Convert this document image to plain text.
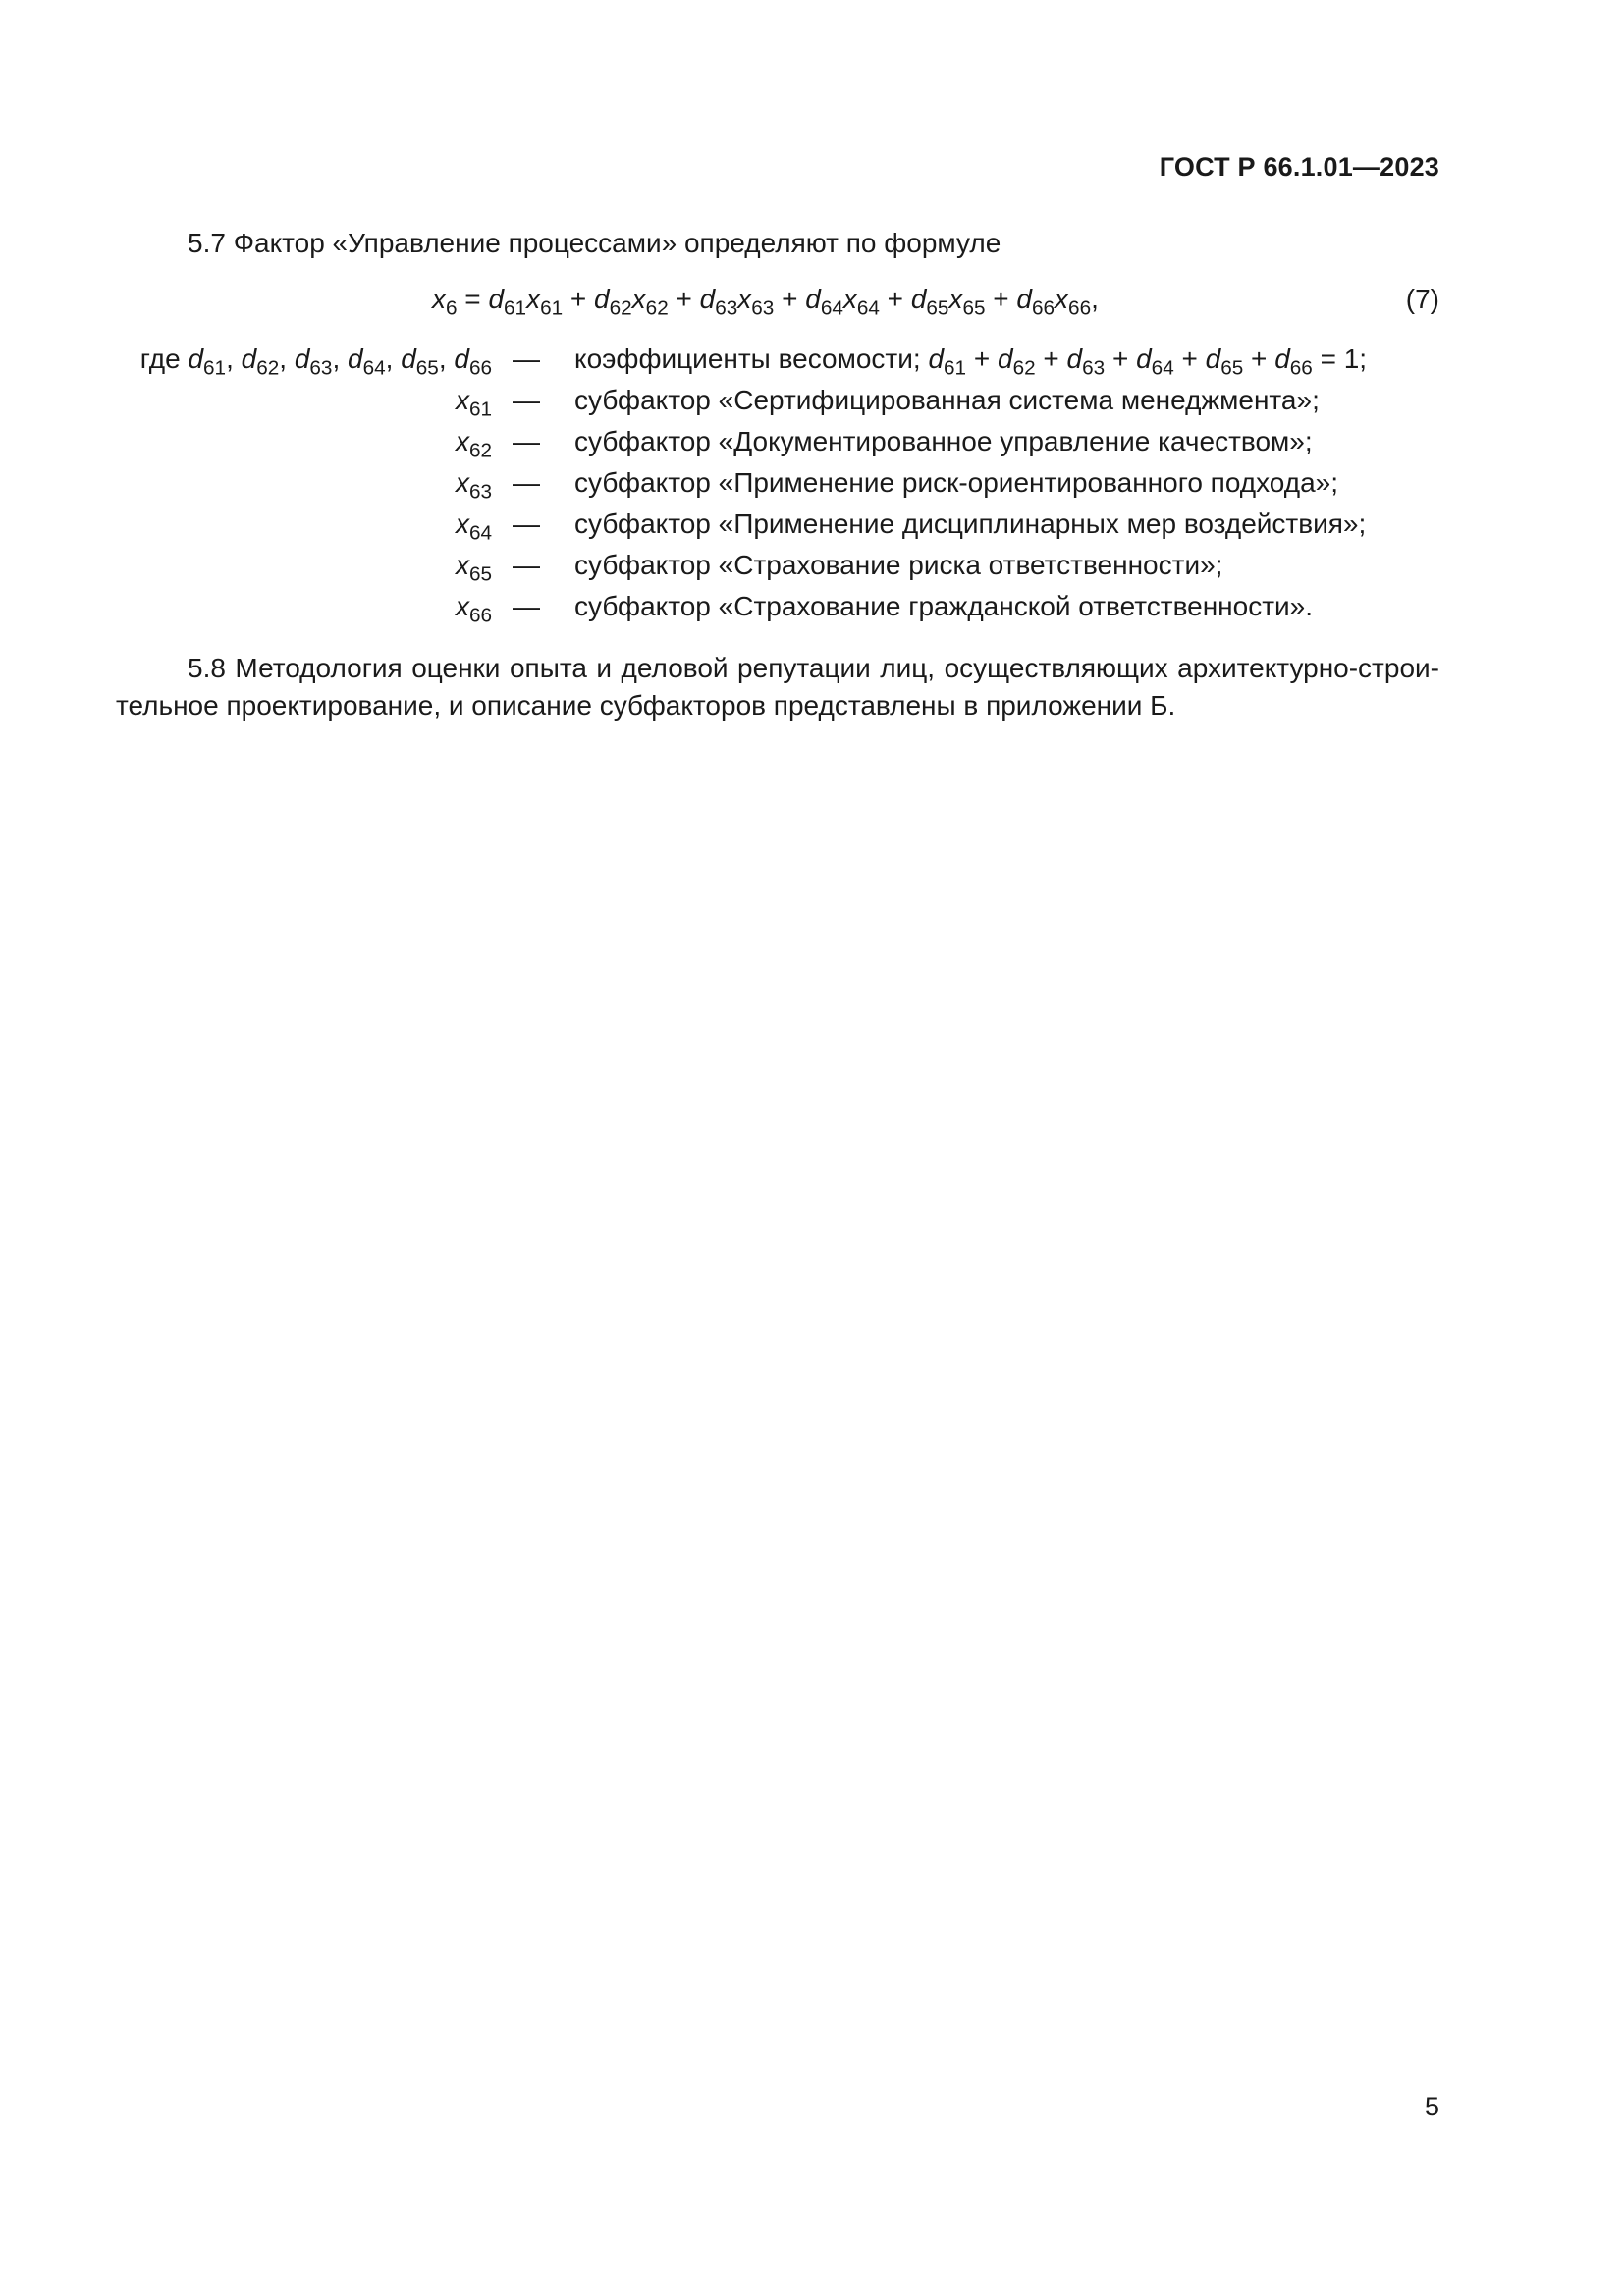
ГОСТ Р 66.1.01—2023
5.7 Фактор «Управление процессами» определяют по формуле
$x_6 = d_{61}x_{61} + d_{62}x_{62} + d_{63}x_{63} + d_{64}x_{64} + d_{65}x_{65} + d_{66}x_{66}$,	(7)
где $d_{61}$, $d_{62}$, $d_{63}$, $d_{64}$, $d_{65}$, $d_{66}$ — коэффициенты весомости; $d_{61} + d_{62} + d_{63} + d_{64} + d_{65} + d_{66} = 1$;
$x_{61}$ — субфактор «Сертифицированная система менеджмента»;
$x_{62}$ — субфактор «Документированное управление качеством»;
$x_{63}$ — субфактор «Применение риск-ориентированного подхода»;
$x_{64}$ — субфактор «Применение дисциплинарных мер воздействия»;
$x_{65}$ — субфактор «Страхование риска ответственности»;
$x_{66}$ — субфактор «Страхование гражданской ответственности».
5.8 Методология оценки опыта и деловой репутации лиц, осуществляющих архитектурно-строи-
тельное проектирование, и описание субфакторов представлены в приложении Б.
5
